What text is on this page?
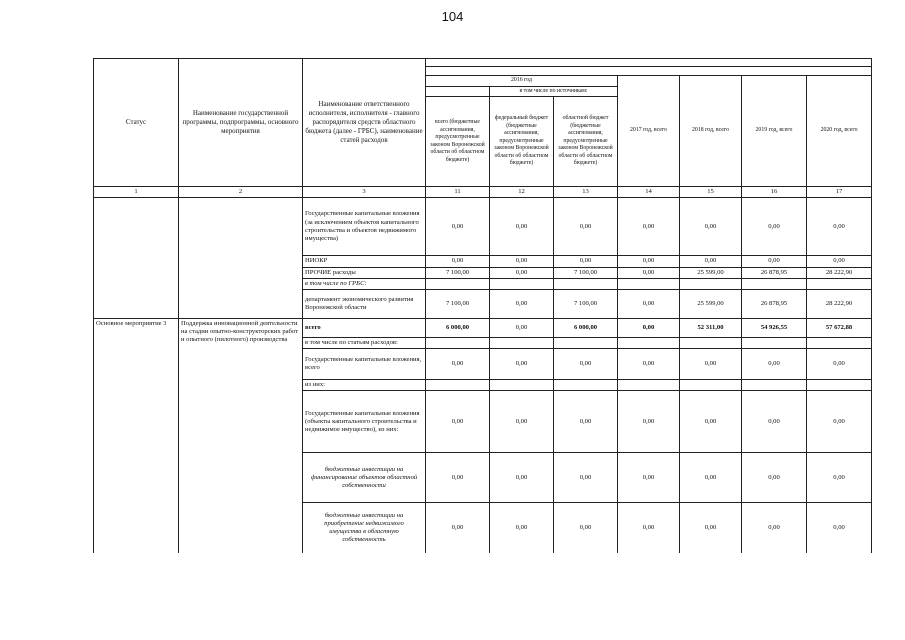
104
Статус	Наименование государственной программы, подпрограммы, основного мероприятия	Наименование ответственного исполнителя, исполнителя - главного распорядителя средств областного бюджета (далее - ГРБС), наименование статей расходов							

			2016 год			2017 год, всего	2018 год, всего	2019 год, всего	2020 год, всего
				в том числе по источникам:					
			всего (бюджетные ассигнования, предусмотренные законом Воронежской области об областном бюджете)	федеральный бюджет (бюджетные ассигнования, предусмотренные законом Воронежской области об областном бюджете)	областной бюджет (бюджетные ассигнования, предусмотренные законом Воронежской области об областном бюджете)				
1	2	3	11	12	13	14	15	16	17
		Государственные капитальные вложения (за исключением объектов капитального строительства и объектов недвижимого имущества)	0,00	0,00	0,00	0,00	0,00	0,00	0,00
		НИОКР	0,00	0,00	0,00	0,00	0,00	0,00	0,00
		ПРОЧИЕ расходы	7 100,00	0,00	7 100,00	0,00	25 599,00	26 878,95	28 222,90
		в том числе по ГРБС:							
		департамент экономического развития Воронежской области	7 100,00	0,00	7 100,00	0,00	25 599,00	26 878,95	28 222,90
Основное мероприятие 3	Поддержка инновационной деятельности на стадии опытно-конструкторских работ и опытного (пилотного) производства	всего	6 000,00	0,00	6 000,00	0,00	52 311,00	54 926,55	57 672,88
		в том числе по статьям расходов:							
		Государственные капитальные вложения, всего	0,00	0,00	0,00	0,00	0,00	0,00	0,00
		из них:							
		Государственные капитальные вложения (объекты капитального строительства и недвижимое имущество), из них:	0,00	0,00	0,00	0,00	0,00	0,00	0,00
		бюджетные инвестиции на финансирование объектов областной собственности	0,00	0,00	0,00	0,00	0,00	0,00	0,00
		бюджетные инвестиции на приобретение недвижимого имущества в областную собственность	0,00	0,00	0,00	0,00	0,00	0,00	0,00
